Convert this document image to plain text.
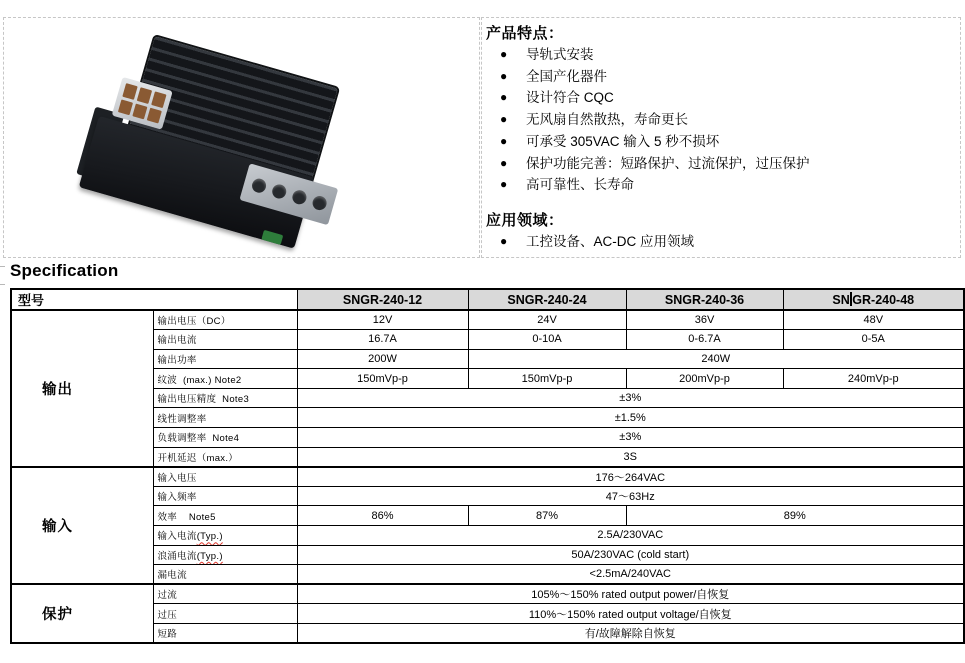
产品特点：
●	导轨式安装
●	全国产化器件
●	设计符合 CQC
●	无风扇自然散热，寿命更长
●	可承受 305VAC 输入 5 秒不损坏
●	保护功能完善：短路保护、过流保护，过压保护
●	高可靠性、长寿命
应用领域：
●	工控设备、AC-DC 应用领域
Specification
型号		SNGR-240-12	SNGR-240-24	SNGR-240-36	SN GR-240-48
输出	输出电压（DC）	12V	24V	36V	48V
	输出电流	16.7A	0-10A	0-6.7A	0-5A
	输出功率	200W	240W		
	纹波  (max.) Note2	150mVp-p	150mVp-p	200mVp-p	240mVp-p
	输出电压精度  Note3	±3%			
	线性调整率	±1.5%			
	负载调整率  Note4	±3%			
	开机延迟（max.）	3S			
输入	输入电压	176～264VAC			
	输入频率	47～63Hz			
	效率    Note5	86%	87%	89%	
	输入电流(Typ.)	2.5A/230VAC			
	浪涌电流(Typ.)	50A/230VAC (cold start)			
	漏电流	<2.5mA/240VAC			
保护	过流	105%～150% rated output power/自恢复			
	过压	110%～150% rated output voltage/自恢复			
	短路	有/故障解除自恢复			
